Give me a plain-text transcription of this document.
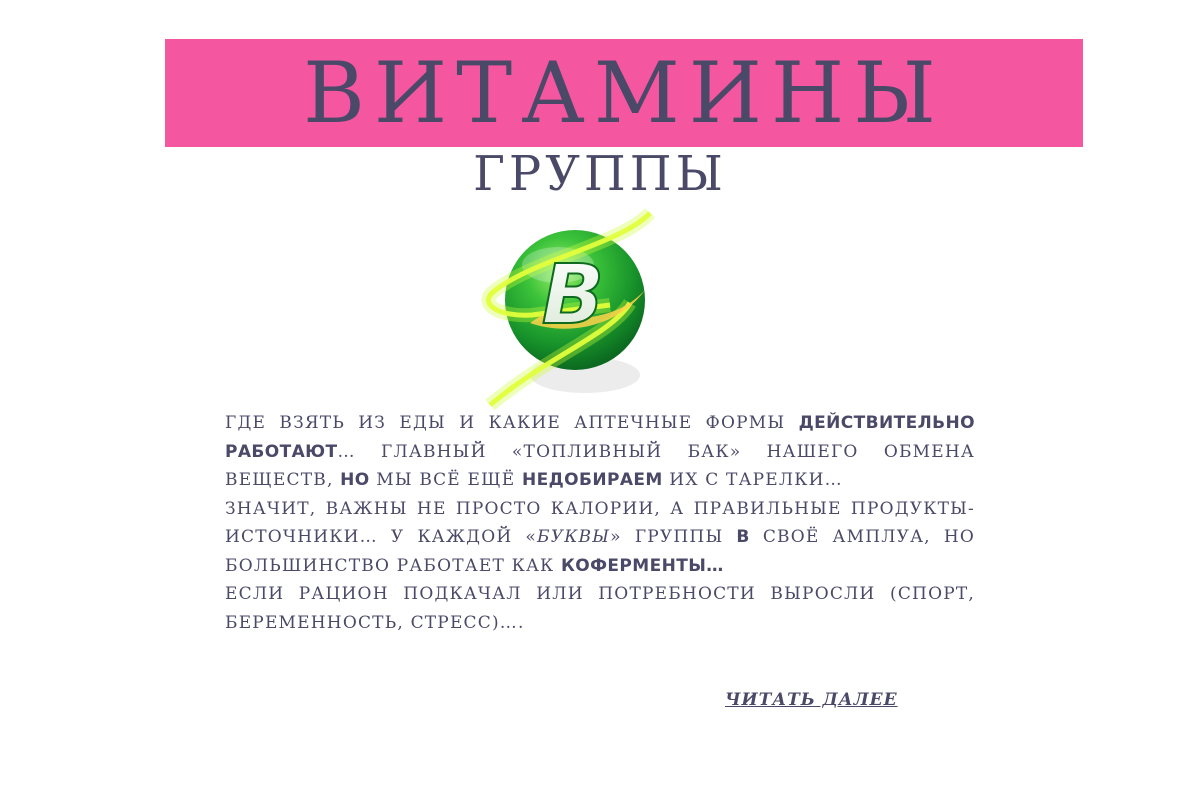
ВИТАМИНЫ
ГРУППЫ
B

ГДЕ ВЗЯТЬ ИЗ ЕДЫ И КАКИЕ АПТЕЧНЫЕ ФОРМЫ ДЕЙСТВИТЕЛЬНО РАБОТАЮТ… ГЛАВНЫЙ «ТОПЛИВНЫЙ БАК» НАШЕГО ОБМЕНА ВЕЩЕСТВ, НО МЫ ВСЁ ЕЩЁ НЕДОБИРАЕМ ИХ С ТАРЕЛКИ…

ЗНАЧИТ, ВАЖНЫ НЕ ПРОСТО КАЛОРИИ, А ПРАВИЛЬНЫЕ ПРОДУКТЫ-ИСТОЧНИКИ… У КАЖДОЙ «БУКВЫ» ГРУППЫ B СВОЁ АМПЛУА, НО БОЛЬШИНСТВО РАБОТАЕТ КАК КОФЕРМЕНТЫ…

ЕСЛИ РАЦИОН ПОДКАЧАЛ ИЛИ ПОТРЕБНОСТИ ВЫРОСЛИ (СПОРТ, БЕРЕМЕННОСТЬ, СТРЕСС)….

ЧИТАТЬ ДАЛЕЕ
